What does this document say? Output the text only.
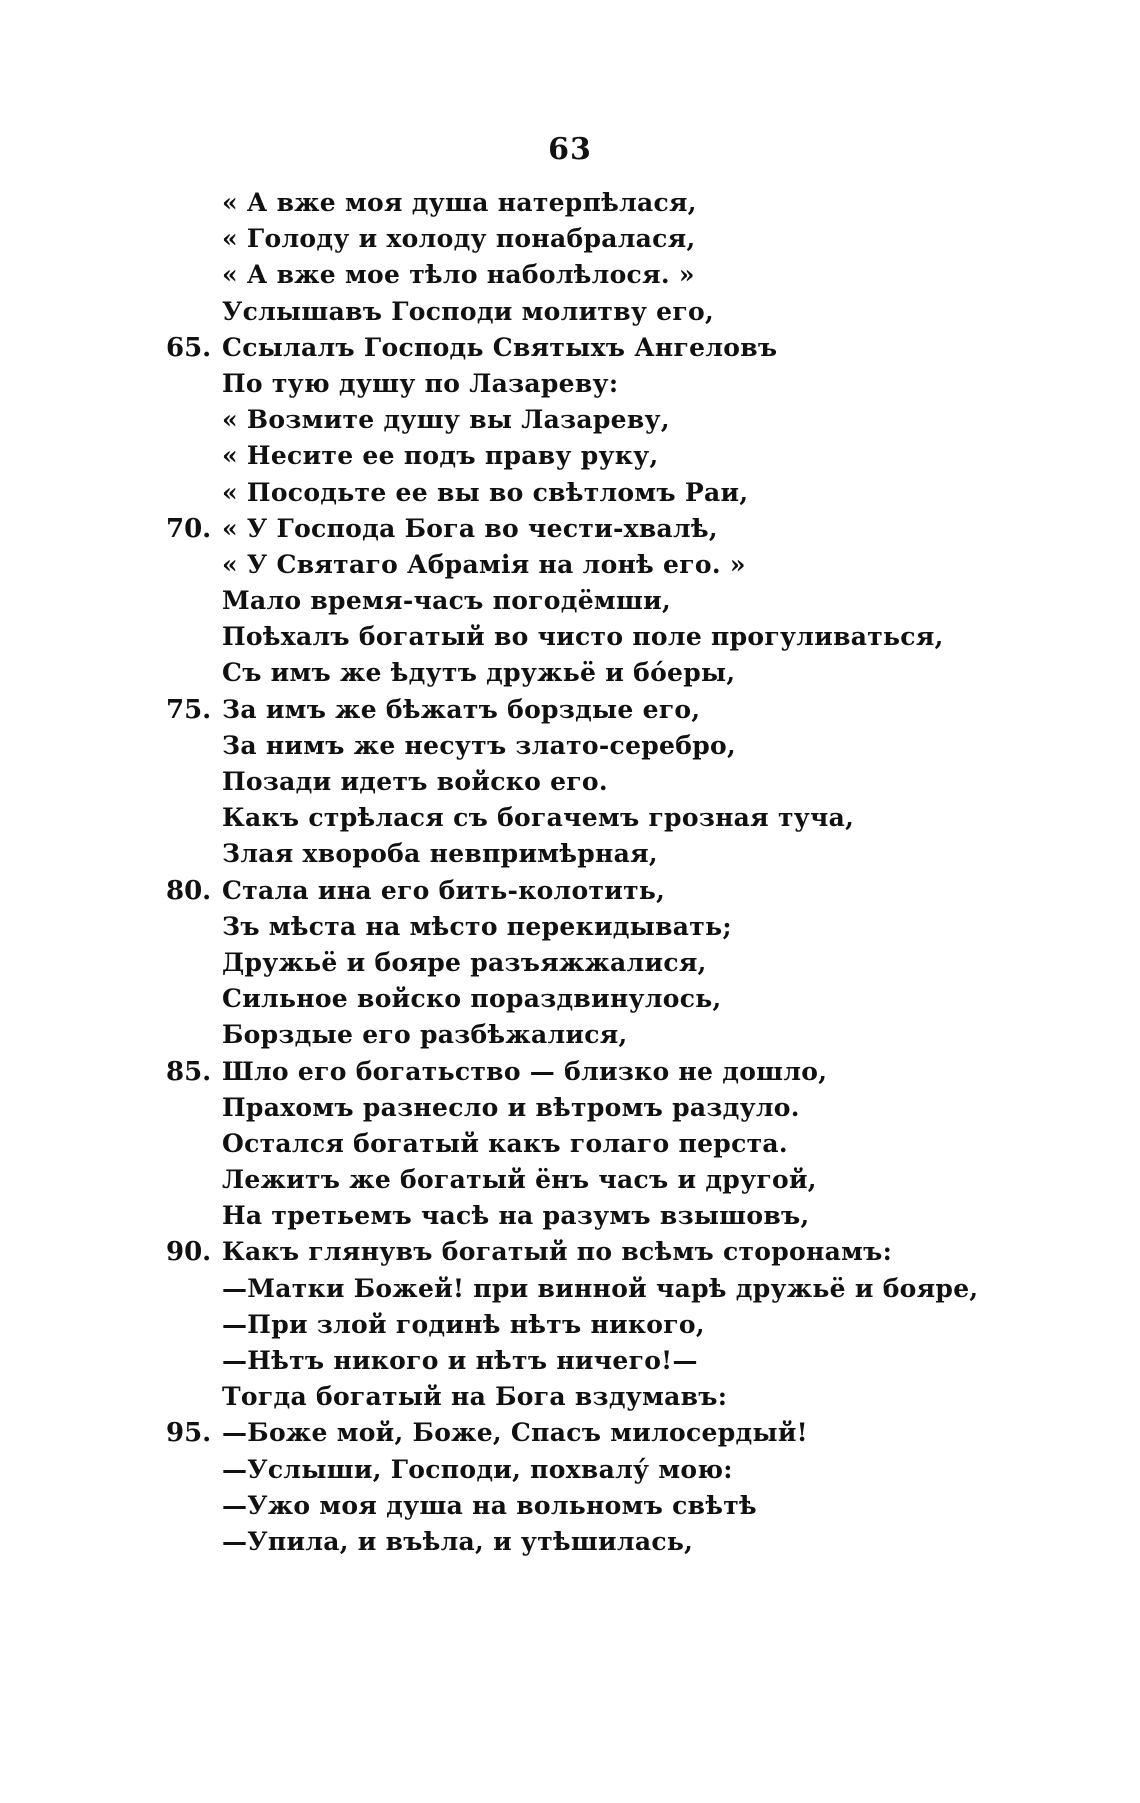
63
« А вже моя душа натерпѣлася,
« Голоду и холоду понабралася,
« А вже мое тѣло наболѣлося. »
Услышавъ Господи молитву его,
65. Ссылалъ Господь Святыхъ Ангеловъ
По тую душу по Лазареву:
« Возмите душу вы Лазареву,
« Несите ее подъ праву руку,
« Посодьте ее вы во свѣтломъ Раи,
70. « У Господа Бога во чести-хвалѣ,
« У Святаго Абрамія на лонѣ его. »
Мало время-часъ погодёмши,
Поѣхалъ богатый во чисто поле прогуливаться,
Съ имъ же ѣдутъ дружьё и бóеры,
75. За имъ же бѣжатъ борздые его,
За нимъ же несутъ злато-серебро,
Позади идетъ войско его.
Какъ стрѣлася съ богачемъ грозная туча,
Злая хвороба невпримѣрная,
80. Стала ина его бить-колотить,
Зъ мѣста на мѣсто перекидывать;
Дружьё и бояре разъяжжалися,
Сильное войско пораздвинулось,
Борздые его разбѣжалися,
85. Шло его богатьство — близко не дошло,
Прахомъ разнесло и вѣтромъ раздуло.
Остался богатый какъ голаго перста.
Лежитъ же богатый ёнъ часъ и другой,
На третьемъ часѣ на разумъ взышовъ,
90. Какъ глянувъ богатый по всѣмъ сторонамъ:
—Матки Божей! при винной чарѣ дружьё и бояре,
—При злой годинѣ нѣтъ никого,
—Нѣтъ никого и нѣтъ ничего!—
Тогда богатый на Бога вздумавъ:
95. —Боже мой, Боже, Спасъ милосердый!
—Услыши, Господи, похвалу́ мою:
—Ужо моя душа на вольномъ свѣтѣ
—Упила, и въѣла, и утѣшилась,
